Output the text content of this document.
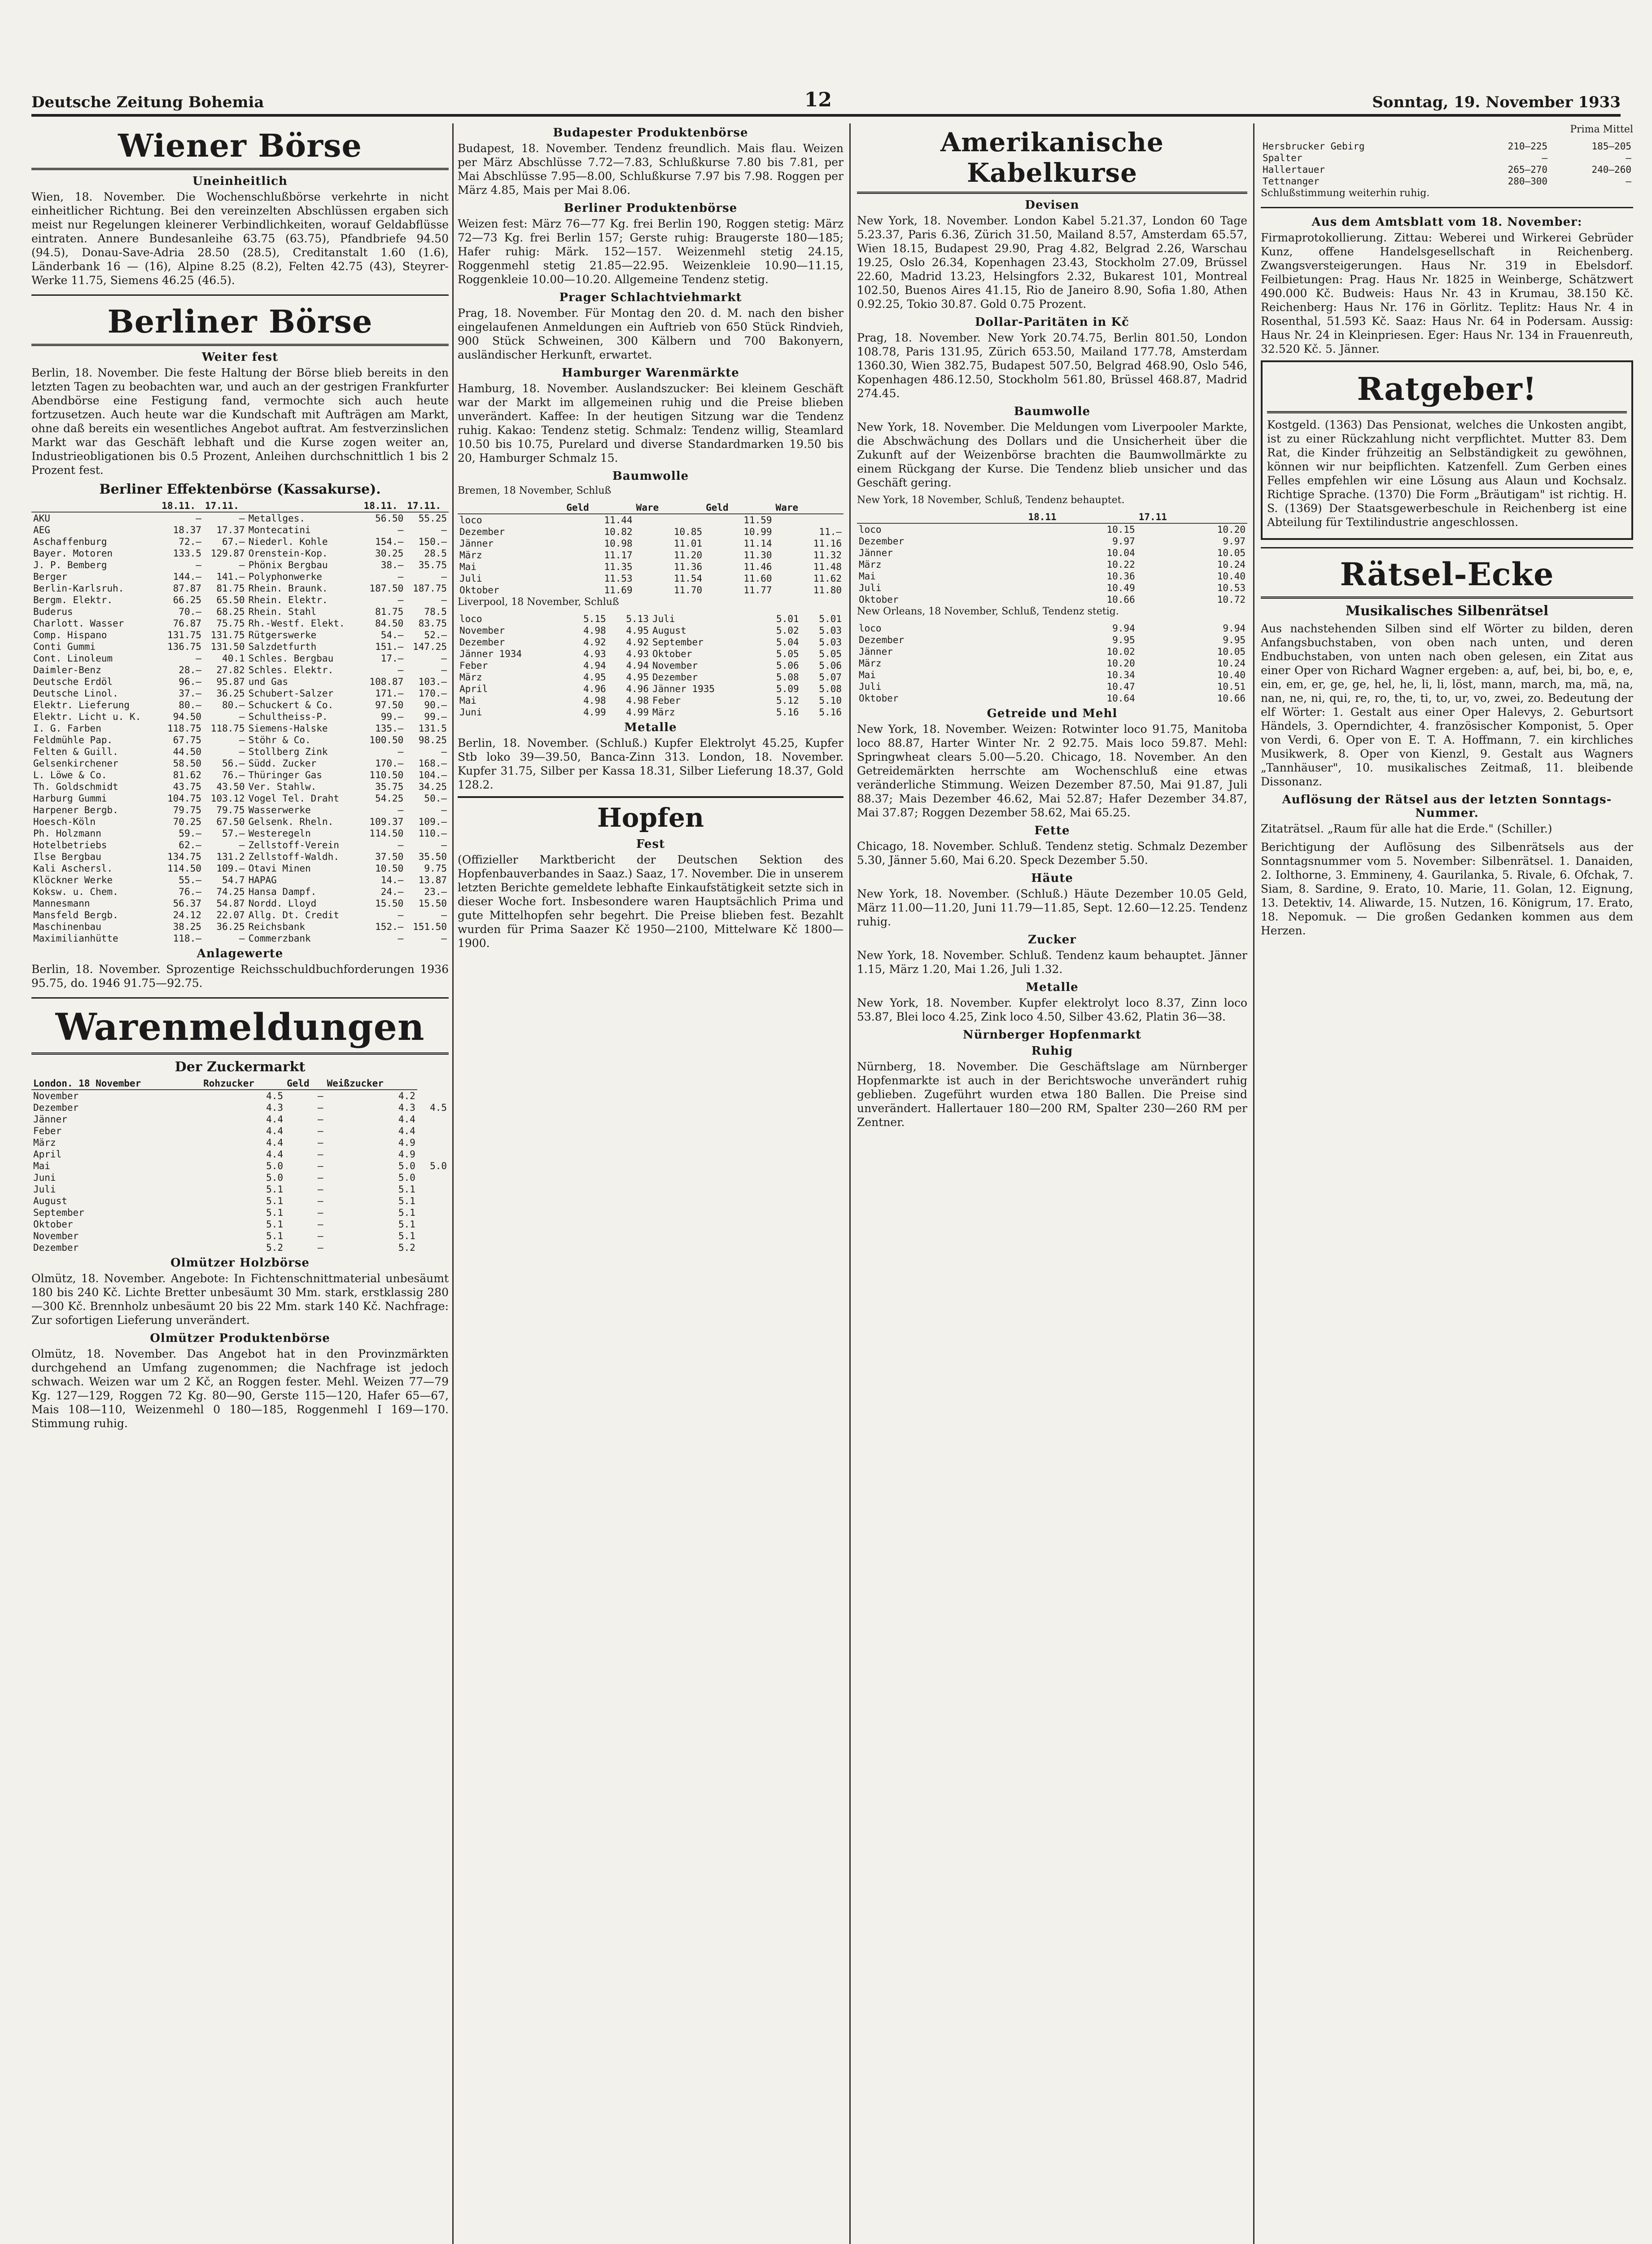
Deutsche Zeitung Bohemia	12	Sonntag, 19. November 1933
Wiener Börse
Uneinheitlich

Wien, 18. November. Die Wochenschlußbörse verkehrte in nicht einheitlicher Richtung. Bei den vereinzelten Abschlüssen ergaben sich meist nur Regelungen kleinerer Verbindlichkeiten, worauf Geldabflüsse eintraten. Annere Bundesanleihe 63.75 (63.75), Pfandbriefe 94.50 (94.5), Donau-Save-Adria 28.50 (28.5), Creditanstalt 1.60 (1.6), Länderbank 16 — (16), Alpine 8.25 (8.2), Felten 42.75 (43), Steyrer-Werke 11.75, Siemens 46.25 (46.5).

Berliner Börse
Weiter fest

Berlin, 18. November. Die feste Haltung der Börse blieb bereits in den letzten Tagen zu beobachten war, und auch an der gestrigen Frankfurter Abendbörse eine Festigung fand, vermochte sich auch heute fortzusetzen. Auch heute war die Kundschaft mit Aufträgen am Markt, ohne daß bereits ein wesentliches Angebot auftrat. Am festverzinslichen Markt war das Geschäft lebhaft und die Kurse zogen weiter an, Industrieobligationen bis 0.5 Prozent, Anleihen durchschnittlich 1 bis 2 Prozent fest.

Berliner Effektenbörse (Kassakurse).
	18.11.	17.11.		18.11.	17.11.
AKU	—	—	Metallges.	56.50	55.25
AEG	18.37	17.37	Montecatini	—	—
Aschaffenburg	72.—	67.—	Niederl. Kohle	154.—	150.—
Bayer. Motoren	133.5	129.87	Orenstein-Kop.	30.25	28.5
J. P. Bemberg	—	—	Phönix Bergbau	38.—	35.75
Berger	144.—	141.—	Polyphonwerke	—	—
Berlin-Karlsruh.	87.87	81.75	Rhein. Braunk.	187.50	187.75
Bergm. Elektr.	66.25	65.50	Rhein. Elektr.	—	—
Buderus	70.—	68.25	Rhein. Stahl	81.75	78.5
Charlott. Wasser	76.87	75.75	Rh.-Westf. Elekt.	84.50	83.75
Comp. Hispano	131.75	131.75	Rütgerswerke	54.—	52.—
Conti Gummi	136.75	131.50	Salzdetfurth	151.—	147.25
Cont. Linoleum	—	40.1	Schles. Bergbau	17.—	—
Daimler-Benz	28.—	27.82	Schles. Elektr.	—	—
Deutsche Erdöl	96.—	95.87	und Gas	108.87	103.—
Deutsche Linol.	37.—	36.25	Schubert-Salzer	171.—	170.—
Elektr. Lieferung	80.—	80.—	Schuckert & Co.	97.50	90.—
Elektr. Licht u. K.	94.50	—	Schultheiss-P.	99.—	99.—
I. G. Farben	118.75	118.75	Siemens-Halske	135.—	131.5
Feldmühle Pap.	67.75	—	Stöhr & Co.	100.50	98.25
Felten & Guill.	44.50	—	Stollberg Zink	—	—
Gelsenkirchener	58.50	56.—	Südd. Zucker	170.—	168.—
L. Löwe & Co.	81.62	76.—	Thüringer Gas	110.50	104.—
Th. Goldschmidt	43.75	43.50	Ver. Stahlw.	35.75	34.25
Harburg Gummi	104.75	103.12	Vogel Tel. Draht	54.25	50.—
Harpener Bergb.	79.75	79.75	Wasserwerke	—	—
Hoesch-Köln	70.25	67.50	Gelsenk. Rheln.	109.37	109.—
Ph. Holzmann	59.—	57.—	Westeregeln	114.50	110.—
Hotelbetriebs	62.—	—	Zellstoff-Verein	—	—
Ilse Bergbau	134.75	131.2	Zellstoff-Waldh.	37.50	35.50
Kali Aschersl.	114.50	109.—	Otavi Minen	10.50	9.75
Klöckner Werke	55.—	54.7	HAPAG	14.—	13.87
Koksw. u. Chem.	76.—	74.25	Hansa Dampf.	24.—	23.—
Mannesmann	56.37	54.87	Nordd. Lloyd	15.50	15.50
Mansfeld Bergb.	24.12	22.07	Allg. Dt. Credit	—	—
Maschinenbau	38.25	36.25	Reichsbank	152.—	151.50
Maximilianhütte	118.—	—	Commerzbank	—	—
Anlagewerte

Berlin, 18. November. Sprozentige Reichsschuldbuchforderungen 1936 95.75, do. 1946 91.75—92.75.

Warenmeldungen
Der Zuckermarkt
London. 18 November	Rohzucker	Geld	Weißzucker	
November	4.5	—	4.2	
Dezember	4.3	—	4.3	4.5
Jänner	4.4	—	4.4	
Feber	4.4	—	4.4	
März	4.4	—	4.9	
April	4.4	—	4.9	
Mai	5.0	—	5.0	5.0
Juni	5.0	—	5.0	
Juli	5.1	—	5.1	
August	5.1	—	5.1	
September	5.1	—	5.1	
Oktober	5.1	—	5.1	
November	5.1	—	5.1	
Dezember	5.2	—	5.2	
Olmützer Holzbörse

Olmütz, 18. November. Angebote: In Fichtenschnittmaterial unbesäumt 180 bis 240 Kč. Lichte Bretter unbesäumt 30 Mm. stark, erstklassig 280—300 Kč. Brennholz unbesäumt 20 bis 22 Mm. stark 140 Kč. Nachfrage: Zur sofortigen Lieferung unverändert.

Olmützer Produktenbörse

Olmütz, 18. November. Das Angebot hat in den Provinzmärkten durchgehend an Umfang zugenommen; die Nachfrage ist jedoch schwach. Weizen war um 2 Kč, an Roggen fester. Mehl. Weizen 77—79 Kg. 127—129, Roggen 72 Kg. 80—90, Gerste 115—120, Hafer 65—67, Mais 108—110, Weizenmehl 0 180—185, Roggenmehl I 169—170. Stimmung ruhig.

Budapester Produktenbörse

Budapest, 18. November. Tendenz freundlich. Mais flau. Weizen per März Abschlüsse 7.72—7.83, Schlußkurse 7.80 bis 7.81, per Mai Abschlüsse 7.95—8.00, Schlußkurse 7.97 bis 7.98. Roggen per März 4.85, Mais per Mai 8.06.

Berliner Produktenbörse

Weizen fest: März 76—77 Kg. frei Berlin 190, Roggen stetig: März 72—73 Kg. frei Berlin 157; Gerste ruhig: Braugerste 180—185; Hafer ruhig: Märk. 152—157. Weizenmehl stetig 24.15, Roggenmehl stetig 21.85—22.95. Weizenkleie 10.90—11.15, Roggenkleie 10.00—10.20. Allgemeine Tendenz stetig.

Prager Schlachtviehmarkt

Prag, 18. November. Für Montag den 20. d. M. nach den bisher eingelaufenen Anmeldungen ein Auftrieb von 650 Stück Rindvieh, 900 Stück Schweinen, 300 Kälbern und 700 Bakonyern, ausländischer Herkunft, erwartet.

Hamburger Warenmärkte

Hamburg, 18. November. Auslandszucker: Bei kleinem Geschäft war der Markt im allgemeinen ruhig und die Preise blieben unverändert. Kaffee: In der heutigen Sitzung war die Tendenz ruhig. Kakao: Tendenz stetig. Schmalz: Tendenz willig, Steamlard 10.50 bis 10.75, Purelard und diverse Standardmarken 19.50 bis 20, Hamburger Schmalz 15.

Baumwolle

Bremen, 18 November, Schluß

	Geld	Ware	Geld	Ware
loco	11.44		11.59	
Dezember	10.82	10.85	10.99	11.—
Jänner	10.98	11.01	11.14	11.16
März	11.17	11.20	11.30	11.32
Mai	11.35	11.36	11.46	11.48
Juli	11.53	11.54	11.60	11.62
Oktober	11.69	11.70	11.77	11.80

Liverpool, 18 November, Schluß

loco	5.15	5.13	Juli	5.01	5.01
November	4.98	4.95	August	5.02	5.03
Dezember	4.92	4.92	September	5.04	5.03
Jänner 1934	4.93	4.93	Oktober	5.05	5.05
Feber	4.94	4.94	November	5.06	5.06
März	4.95	4.95	Dezember	5.08	5.07
April	4.96	4.96	Jänner 1935	5.09	5.08
Mai	4.98	4.98	Feber	5.12	5.10
Juni	4.99	4.99	März	5.16	5.16
Metalle

Berlin, 18. November. (Schluß.) Kupfer Elektrolyt 45.25, Kupfer Stb loko 39—39.50, Banca-Zinn 313. London, 18. November. Kupfer 31.75, Silber per Kassa 18.31, Silber Lieferung 18.37, Gold 128.2.

Hopfen
Fest

(Offizieller Marktbericht der Deutschen Sektion des Hopfenbauverbandes in Saaz.) Saaz, 17. November. Die in unserem letzten Berichte gemeldete lebhafte Einkaufstätigkeit setzte sich in dieser Woche fort. Insbesondere waren Hauptsächlich Prima und gute Mittelhopfen sehr begehrt. Die Preise blieben fest. Bezahlt wurden für Prima Saazer Kč 1950—2100, Mittelware Kč 1800—1900.

Amerikanische Kabelkurse
Devisen

New York, 18. November. London Kabel 5.21.37, London 60 Tage 5.23.37, Paris 6.36, Zürich 31.50, Mailand 8.57, Amsterdam 65.57, Wien 18.15, Budapest 29.90, Prag 4.82, Belgrad 2.26, Warschau 19.25, Oslo 26.34, Kopenhagen 23.43, Stockholm 27.09, Brüssel 22.60, Madrid 13.23, Helsingfors 2.32, Bukarest 101, Montreal 102.50, Buenos Aires 41.15, Rio de Janeiro 8.90, Sofia 1.80, Athen 0.92.25, Tokio 30.87. Gold 0.75 Prozent.

Dollar-Paritäten in Kč

Prag, 18. November. New York 20.74.75, Berlin 801.50, London 108.78, Paris 131.95, Zürich 653.50, Mailand 177.78, Amsterdam 1360.30, Wien 382.75, Budapest 507.50, Belgrad 468.90, Oslo 546, Kopenhagen 486.12.50, Stockholm 561.80, Brüssel 468.87, Madrid 274.45.

Baumwolle

New York, 18. November. Die Meldungen vom Liverpooler Markte, die Abschwächung des Dollars und die Unsicherheit über die Zukunft auf der Weizenbörse brachten die Baumwollmärkte zu einem Rückgang der Kurse. Die Tendenz blieb unsicher und das Geschäft gering.

New York, 18 November, Schluß, Tendenz behauptet.

	18.11	17.11
loco	10.15	10.20
Dezember	9.97	9.97
Jänner	10.04	10.05
März	10.22	10.24
Mai	10.36	10.40
Juli	10.49	10.53
Oktober	10.66	10.72

New Orleans, 18 November, Schluß, Tendenz stetig.

loco	9.94	9.94
Dezember	9.95	9.95
Jänner	10.02	10.05
März	10.20	10.24
Mai	10.34	10.40
Juli	10.47	10.51
Oktober	10.64	10.66
Getreide und Mehl

New York, 18. November. Weizen: Rotwinter loco 91.75, Manitoba loco 88.87, Harter Winter Nr. 2 92.75. Mais loco 59.87. Mehl: Springwheat clears 5.00—5.20. Chicago, 18. November. An den Getreidemärkten herrschte am Wochenschluß eine etwas veränderliche Stimmung. Weizen Dezember 87.50, Mai 91.87, Juli 88.37; Mais Dezember 46.62, Mai 52.87; Hafer Dezember 34.87, Mai 37.87; Roggen Dezember 58.62, Mai 65.25.

Fette

Chicago, 18. November. Schluß. Tendenz stetig. Schmalz Dezember 5.30, Jänner 5.60, Mai 6.20. Speck Dezember 5.50.

Häute

New York, 18. November. (Schluß.) Häute Dezember 10.05 Geld, März 11.00—11.20, Juni 11.79—11.85, Sept. 12.60—12.25. Tendenz ruhig.

Zucker

New York, 18. November. Schluß. Tendenz kaum behauptet. Jänner 1.15, März 1.20, Mai 1.26, Juli 1.32.

Metalle

New York, 18. November. Kupfer elektrolyt loco 8.37, Zinn loco 53.87, Blei loco 4.25, Zink loco 4.50, Silber 43.62, Platin 36—38.

Nürnberger Hopfenmarkt
Ruhig

Nürnberg, 18. November. Die Geschäftslage am Nürnberger Hopfenmarkte ist auch in der Berichtswoche unverändert ruhig geblieben. Zugeführt wurden etwa 180 Ballen. Die Preise sind unverändert. Hallertauer 180—200 RM, Spalter 230—260 RM per Zentner.

Prima Mittel

Hersbrucker Gebirg	210—225	185—205
Spalter	—	—
Hallertauer	265—270	240—260
Tettnanger	280—300	—

Schlußstimmung weiterhin ruhig.

Aus dem Amtsblatt vom 18. November:

Firmaprotokollierung. Zittau: Weberei und Wirkerei Gebrüder Kunz, offene Handelsgesellschaft in Reichenberg. Zwangsversteigerungen. Haus Nr. 319 in Ebelsdorf. Feilbietungen: Prag. Haus Nr. 1825 in Weinberge, Schätzwert 490.000 Kč. Budweis: Haus Nr. 43 in Krumau, 38.150 Kč. Reichenberg: Haus Nr. 176 in Görlitz. Teplitz: Haus Nr. 4 in Rosenthal, 51.593 Kč. Saaz: Haus Nr. 64 in Podersam. Aussig: Haus Nr. 24 in Kleinpriesen. Eger: Haus Nr. 134 in Frauenreuth, 32.520 Kč. 5. Jänner.

Ratgeber!

Kostgeld. (1363) Das Pensionat, welches die Unkosten angibt, ist zu einer Rückzahlung nicht verpflichtet. Mutter 83. Dem Rat, die Kinder frühzeitig an Selbständigkeit zu gewöhnen, können wir nur beipflichten. Katzenfell. Zum Gerben eines Felles empfehlen wir eine Lösung aus Alaun und Kochsalz. Richtige Sprache. (1370) Die Form „Bräutigam" ist richtig. H. S. (1369) Der Staatsgewerbeschule in Reichenberg ist eine Abteilung für Textilindustrie angeschlossen.

Rätsel-Ecke
Musikalisches Silbenrätsel

Aus nachstehenden Silben sind elf Wörter zu bilden, deren Anfangsbuchstaben, von oben nach unten, und deren Endbuchstaben, von unten nach oben gelesen, ein Zitat aus einer Oper von Richard Wagner ergeben: a, auf, bei, bi, bo, e, e, ein, em, er, ge, ge, hel, he, li, li, löst, mann, march, ma, mä, na, nan, ne, ni, qui, re, ro, the, ti, to, ur, vo, zwei, zo. Bedeutung der elf Wörter: 1. Gestalt aus einer Oper Halevys, 2. Geburtsort Händels, 3. Operndichter, 4. französischer Komponist, 5. Oper von Verdi, 6. Oper von E. T. A. Hoffmann, 7. ein kirchliches Musikwerk, 8. Oper von Kienzl, 9. Gestalt aus Wagners „Tannhäuser", 10. musikalisches Zeitmaß, 11. bleibende Dissonanz.

Auflösung der Rätsel aus der letzten Sonntags-Nummer.

Zitaträtsel. „Raum für alle hat die Erde." (Schiller.)

Berichtigung der Auflösung des Silbenrätsels aus der Sonntagsnummer vom 5. November: Silbenrätsel. 1. Danaiden, 2. Iolthorne, 3. Emmineny, 4. Gaurilanka, 5. Rivale, 6. Ofchak, 7. Siam, 8. Sardine, 9. Erato, 10. Marie, 11. Golan, 12. Eignung, 13. Detektiv, 14. Aliwarde, 15. Nutzen, 16. Königrum, 17. Erato, 18. Nepomuk. — Die großen Gedanken kommen aus dem Herzen.
